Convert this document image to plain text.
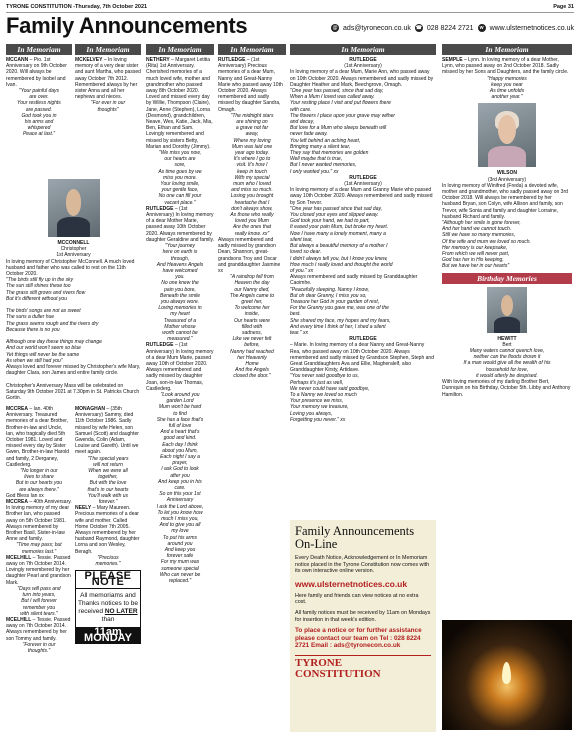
TYRONE CONSTITUTION -Thursday, 7th October 2021	Page 31
Family Announcements	@ ads@tyronecon.co.uk ☎ 028 8224 2721	w www.ulsternetnotices.co.uk
In Memoriam
MCCANN – Pio. 1st Anniversary on 9th October 2020. Will always be remembered by Isobel and Ivan.
"Your painful days
are over.
Your restless nights
are passed.
God took you in
his arms and
whispered
Peace at last."
In Memoriam
MCKELVEY – In loving memory of a very dear sister and aunt Martha, who passed away October 7th 2012. Remembered always by her sister Anna and all her nephews and nieces.
"For ever in our
thoughts"
MCCONNELL
Christopher
1st Anniversary
In loving memory of Christopher McConnell. A much loved husband and father who was called to rest on the 11th October 2020.
"The birds still fly up in the sky
The sun still shines these too
The grass still grows and rivers flow
But it's different without you

The birds' songs are not as sweet
The suns a duller hue
The grass seems rough and the rivers dry
Because there is no you

Although one day these things may change
And our world won't seem so blue
Yet things will never be the same
As when we still had you"
Always loved and forever missed by Christopher's wife Mary, daughter Clara, son James and entire family circle.

Christopher's Anniversary Mass will be celebrated on Saturday 9th October 2021 at 7.30pm in St. Patricks Church Gortin.
MCCREA – Ian. 40th Anniversary. Treasured memories of a dear Brother, Brother-in-law and Uncle, Ian, who tragically died 5th October 1981. Loved and missed every day by Sister Gwen, Brother-in-law Harold and family, 2 Derganey, Castlederg.
"No longer in our
lives to share
But in our hearts you
are always there."
God Bless Ian xx
MCCREA – 40th Anniversary. In loving memory of my dear Brother Ian, who passed away on 5th October 1981. Always remembered by Brother Basil, Sister-in-law Anne and family.
"Time may pass; but
memories last."
MCELHILL – Tessie. Passed away on 7th October 2014. Lovingly remembered by her daughter Pearl and grandson Mark.
"Days will pass and
turn into years,
But I will forever
remember you
with silent tears."
MCELHILL – Tessie. Passed away on 7th October 2014. Always remembered by her son Tommy and family.
"Forever in our
thoughts."
MONAGHAN – (35th Anniversary) Sammy, died 11th October 1986. Sadly missed by wife Helen, son Samuel (Scott) and daughter Gwenda, Colin (Adam, Louise and Gareth). Until we meet again.
"The special years
will not return
When we were all
together,
But with the love
that's in our hearts
You'll walk with us
forever."
NEELY – Mary Maureen. Precious memories of a dear wife and mother. Called Home October 7th 2005. Always remembered by her husband Raymond, daughter Lorna and son Wesley, Beragh.
"Precious
memories."
PLEASE NOTE
All memoriams and Thanks notices to be received NO LATER than
11am MONDAY
In Memoriam
NETHERY – Margaret Letitia (Rita) 1st Anniversary. Cherished memories of a much loved wife, mother and grandmother who passed away 8th October 2020. Loved and missed every day by Willie, Thompson (Claire), Jane, Anne (Stephen), Lorna (Desmond), grandchildren, Neave, Wes, Katie, Jack, Mia, Ben, Ethan and Sam.
Lovingly remembered and missed by sisters Betty, Marian and Dorothy (Jimmy).
"We miss you now,
our hearts are
sore,
As time goes by we
miss you more.
Your loving smile,
your gentle face,
No one can fill your
vacant place."
RUTLEDGE – (1st Anniversary) In loving memory of a dear Mother Marie, passed away 10th October 2020. Always remembered by daughter Geraldine and family.
"Your journey
here on earth is
through,
And Heavens Angels
have welcomed
you.
No one knew the
pain you bore,
Beneath the smile
you always wore.
Loving memories in
my heart
Treasured of a
Mother whose
worth cannot be
measured."
RUTLEDGE – (1st Anniversary) In loving memory of a dear Mum Marie, passed away 10th of October 2020. Always remembered and sadly missed by daughter Joan, son-in-law Thomas, Castlederg.
"Look around you
garden Lord
Mum won't be hard
to find
She has a face that's
full of love
And a heart that's
good and kind.
Each day I think
about you Mum,
Each night I say a
prayer,
I ask God to look
after you
And keep you in his
care.
So on this your 1st
Anniversary
I ask the Lord above,
To let you know how
much I miss you,
And to give you all
my love
To put his arms
around you
And keep you
forever safe
For my mum was
someone special
Who can never be
replaced."
In Memoriam
RUTLEDGE – (1st Anniversary) Precious memories of a dear Mum, Nanny and Great-Nanny Marie who passed away 10th October 2020. Always remembered and sadly missed by daughter Sandra, Omagh.
"The midnight stars
are shining on
a grave not far
away,
Where my loving
Mum was laid one
year ago today.
It's where I go to
visit. It's how I
keep in touch
With my special
mum who I loved
and miss so much.
Losing you brought
heartache that I
don't always show,
As those who really
loved you Mum
Are the ones that
really know. xx"
Always remembered and sadly missed by grandson Dean, Shannon, great-grandsons Troy and Oscar and granddaughter Jasmine xx
"A raindrop fell from
Heaven the day
our Nanny died,
The Angels came to
greet her,
To welcome her
inside,
Our hearts were
filled with
sadness,
Like we never felt
before,
Nanny had reached
her Heavenly
Home
And the Angels
closed the door."
In Memoriam
RUTLEDGE
(1st Anniversary)
In loving memory of a dear Mum, Marie Ann, who passed away on 10th October 2020. Always remembered and sadly missed by Daughter Heather and Mark, Beechgrove, Omagh.
"One year has passed, since that sad day,
When a Mum I loved was called away.
Your resting place I visit and put flowers there
with care.
The flowers I place upon your grave may wither
and decay,
But love for a Mum who sleeps beneath will
never fade away.
You left behind an aching heart,
Bringing many a silent tear,
They say that memories are golden
Well maybe that is true,
But I never wanted memories,
I only wanted you." xx
RUTLEDGE
(1st Anniversary)
In loving memory of a dear Mum and Granny Marie who passed away 10th October 2020. Always remembered and sadly missed by Son Trevor.
"One year has passed since that sad day,
You closed your eyes and slipped away.
God took your hand, we had to part,
It eased your pain Mum, but broke my heart.
Now I have many a lonely moment, many a
silent tear,
But always a beautiful memory of a mother I
loved so dear.
I didn't always tell you, but I know you knew,
How much I really loved and thought the world
of you." xx
Always remembered and sadly missed by Granddaughter Caoimhe.
"Peacefully sleeping. Nanny I know,
But oh dear Granny, I miss you so,
Treasure her God in your garden of rest,
For the Granny you gave me, was one of the
best.
She shared my face, my hopes and my fears,
And every time I think of her, I shed a silent
tear." xx
RUTLEDGE
– Marie. In loving memory of a dear Nanny and Great-Nanny Rea, who passed away on 10th October 2020. Always remembered and sadly missed by Grandson Stephen, Steph and Great Granddaughters Ava and Ellie, Magheralelf, also Granddaughter Kirsty, Artidave.
"You never said goodbye to us,
Perhaps it's just as well,
We never could have said goodbye,
To a Nanny we loved so much
Your presence we miss,
Your memory we treasure,
Loving you always,
Forgetting you never." xx
Family Announcements On-Line
Every Death Notice, Acknowledgement or In Memoriam notice placed in the Tyrone Constitution now comes with its own interactive online version.
www.ulsternetnotices.co.uk
Here family and friends can view notices at no extra cost.
All family notices must be received by 11am on Mondays for insertion in that week's edition.
To place a notice or for further assistance please contact our team on Tel : 028 8224 2721 Email : ads@tyronecon.co.uk
TYRONE
CONSTITUTION
In Memoriam
SEMPLE – Lynn. In loving memory of a dear Mother, Lynn, who passed away on 2nd October 2018. Sadly missed by her Sons and Daughters, and the family circle.
"Happy memories
keep you near
As time unfolds
another year."
WILSON
(3rd Anniversary)
In loving memory of Winifred (Freda) a devoted wife, mother and grandmother, who sadly passed away on 3rd October 2018. Will always be remembered by her husband Bryan, son Colyn, wife Allison and family, son Trevor, wife Sonia and family and daughter Lorraine, husband Richard and family.
"Although her smile is gone forever,
And her hand we cannot touch.
Still we have so many memories,
Of the wife and mum we loved so much.
Her memory is our keepsake,
From which we will never part,
God has her in His keeping,
But we have her in our hearts"
Birthday Memories
HEWITT
Bert
Many waters cannot quench love,
neither can the floods drown it
If a man would give all the wealth of his
household for love,
it would utterly be despised.
With loving memories of my darling Brother Bert, Dunnquin on his Birthday, October 5th. Libby and Anthony Hamilton.
